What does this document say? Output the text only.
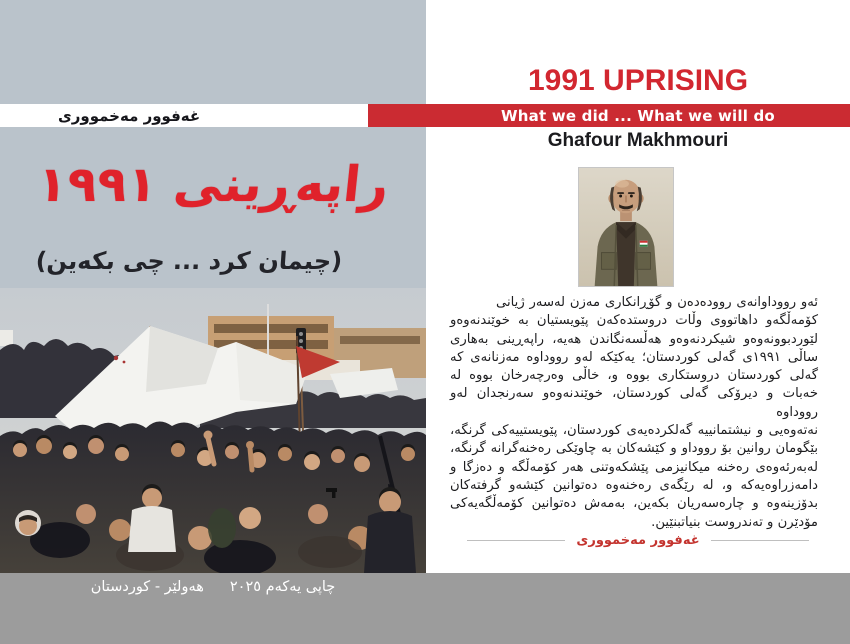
غەفوور مەخمووری
راپەڕینی ١٩٩١
(چیمان کرد ... چی بکەین)
What we did ... What we will do
1991 UPRISING
Ghafour Makhmouri
ئەو رووداوانەی روودەدەن و گۆڕانکاری مەزن لەسەر ژیانی
کۆمەڵگەو داهاتووی وڵات دروستدەکەن پێویستیان بە خوێندنەوەو
لێوردبوونەوەو شیکردنەوەو هەڵسەنگاندن هەیە، راپەڕینی بەهاری
ساڵی ١٩٩١ی گەلی کوردستان؛ یەکێکە لەو رووداوە مەزنانەی کە
گەلی کوردستان دروستکاری بووە و، خاڵی وەرچەرخان بووە لە
خەبات و دیرۆکی گەلی کوردستان، خوێندنەوەو سەرنجدان لەو رووداوە
نەتەوەیی و نیشتمانییە گەلکردەیەی کوردستان، پێویستییەکی گرنگە،
بێگومان روانین بۆ رووداو و کێشەکان بە چاوێکی رەخنەگرانە گرنگە،
لەبەرئەوەی رەخنە میکانیزمی پێشکەوتنی هەر کۆمەڵگە و دەزگا و
دامەزراوەیەکە و، لە رێگەی رەخنەوە دەتوانین کێشەو گرفتەکان
بدۆزینەوە و چارەسەریان بکەین، بەمەش دەتوانین کۆمەڵگەیەکی
مۆدێرن و تەندروست بنیاتبنێین.
غەفوور مەخمووری
چاپی یەکەم ٢٠٢٥
هەولێر - کوردستان
